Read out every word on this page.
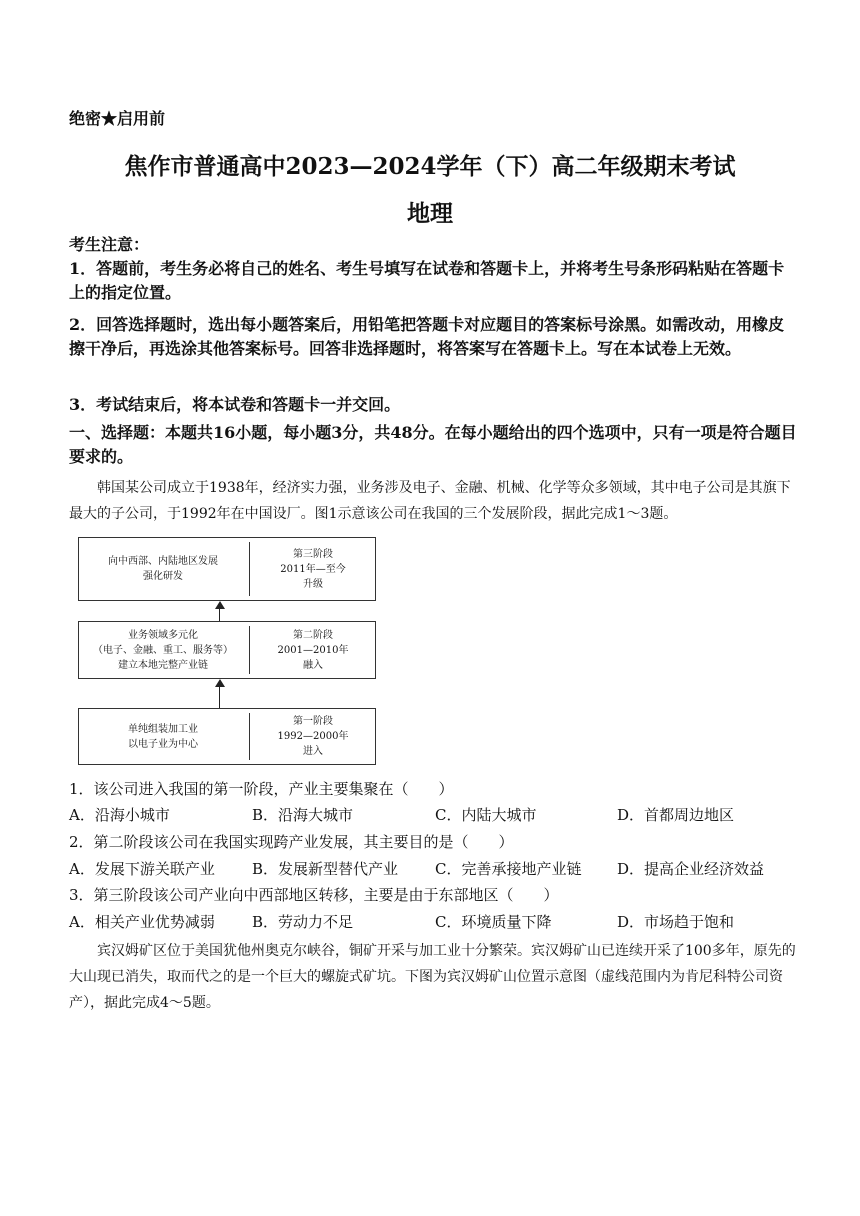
绝密★启用前
焦作市普通高中2023—2024学年（下）高二年级期末考试
地理
考生注意：
1．答题前，考生务必将自己的姓名、考生号填写在试卷和答题卡上，并将考生号条形码粘贴在答题卡上的指定位置。
2．回答选择题时，选出每小题答案后，用铅笔把答题卡对应题目的答案标号涂黑。如需改动，用橡皮擦干净后，再选涂其他答案标号。回答非选择题时，将答案写在答题卡上。写在本试卷上无效。
3．考试结束后，将本试卷和答题卡一并交回。
一、选择题：本题共16小题，每小题3分，共48分。在每小题给出的四个选项中，只有一项是符合题目要求的。
韩国某公司成立于1938年，经济实力强，业务涉及电子、金融、机械、化学等众多领域，其中电子公司是其旗下最大的子公司，于1992年在中国设厂。图1示意该公司在我国的三个发展阶段，据此完成1～3题。
向中西部、内陆地区发展
强化研发
第三阶段
2011年—至今
升级
业务领域多元化
（电子、金融、重工、服务等）
建立本地完整产业链
第二阶段
2001—2010年
融入
单纯组装加工业
以电子业为中心
第一阶段
1992—2000年
进入
1．该公司进入我国的第一阶段，产业主要集聚在（　　）
A．沿海小城市	B．沿海大城市	C．内陆大城市	D．首都周边地区
2．第二阶段该公司在我国实现跨产业发展，其主要目的是（　　）
A．发展下游关联产业 B．发展新型替代产业 C．完善承接地产业链 D．提高企业经济效益
3．第三阶段该公司产业向中西部地区转移，主要是由于东部地区（　　）
A．相关产业优势减弱 B．劳动力不足	C．环境质量下降	D．市场趋于饱和
宾汉姆矿区位于美国犹他州奥克尔峡谷，铜矿开采与加工业十分繁荣。宾汉姆矿山已连续开采了100多年，原先的大山现已消失，取而代之的是一个巨大的螺旋式矿坑。下图为宾汉姆矿山位置示意图（虚线范围内为肯尼科特公司资产），据此完成4～5题。
